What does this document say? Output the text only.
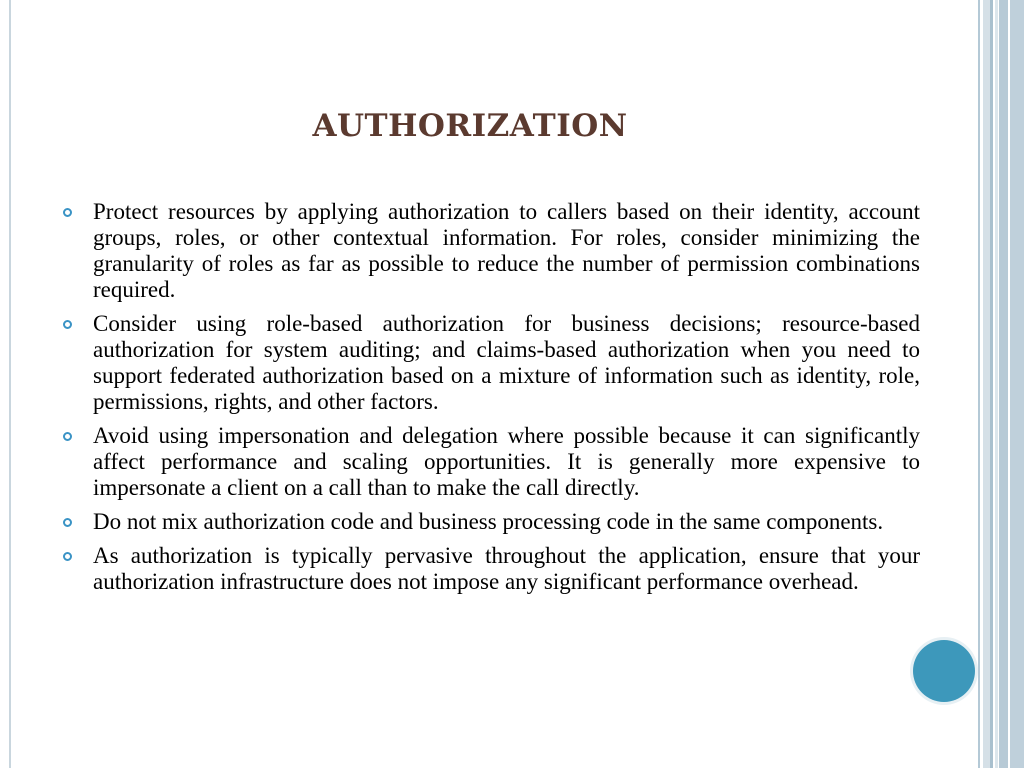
AUTHORIZATION
Protect resources by applying authorization to callers based on their identity, account groups, roles, or other contextual information. For roles, consider minimizing the granularity of roles as far as possible to reduce the number of permission combinations required.
Consider using role-based authorization for business decisions; resource-based authorization for system auditing; and claims-based authorization when you need to support federated authorization based on a mixture of information such as identity, role, permissions, rights, and other factors.
Avoid using impersonation and delegation where possible because it can significantly affect performance and scaling opportunities. It is generally more expensive to impersonate a client on a call than to make the call directly.
Do not mix authorization code and business processing code in the same components.
As authorization is typically pervasive throughout the application, ensure that your authorization infrastructure does not impose any significant performance overhead.
